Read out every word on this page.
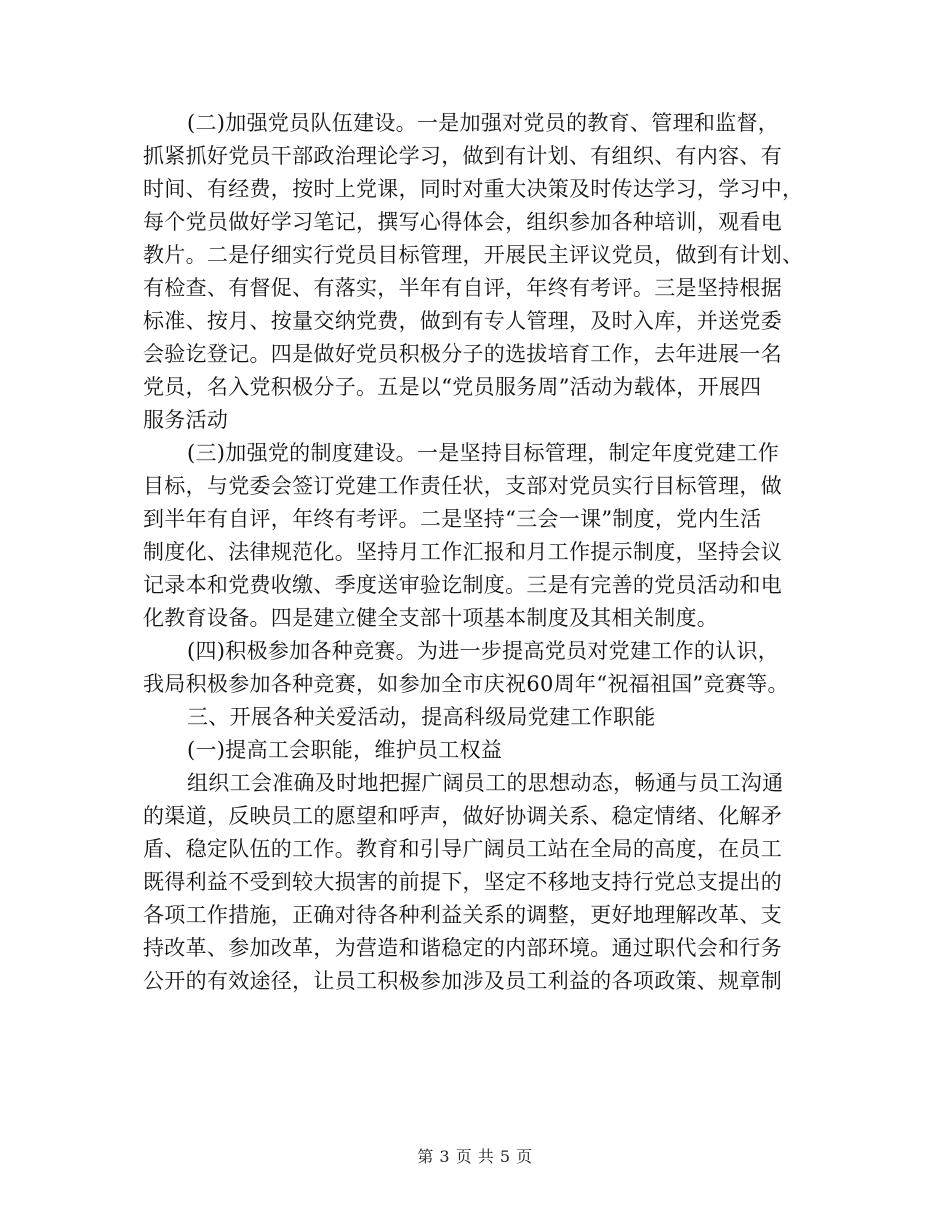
(二)加强党员队伍建设。一是加强对党员的教育、管理和监督，
抓紧抓好党员干部政治理论学习，做到有计划、有组织、有内容、有
时间、有经费，按时上党课，同时对重大决策及时传达学习，学习中，
每个党员做好学习笔记，撰写心得体会，组织参加各种培训，观看电
教片。二是仔细实行党员目标管理，开展民主评议党员，做到有计划、
有检查、有督促、有落实，半年有自评，年终有考评。三是坚持根据
标准、按月、按量交纳党费，做到有专人管理，及时入库，并送党委
会验讫登记。四是做好党员积极分子的选拔培育工作，去年进展一名
党员，名入党积极分子。五是以“党员服务周”活动为载体，开展四
服务活动
(三)加强党的制度建设。一是坚持目标管理，制定年度党建工作
目标，与党委会签订党建工作责任状，支部对党员实行目标管理，做
到半年有自评，年终有考评。二是坚持“三会一课”制度，党内生活
制度化、法律规范化。坚持月工作汇报和月工作提示制度，坚持会议
记录本和党费收缴、季度送审验讫制度。三是有完善的党员活动和电
化教育设备。四是建立健全支部十项基本制度及其相关制度。
(四)积极参加各种竞赛。为进一步提高党员对党建工作的认识，
我局积极参加各种竞赛，如参加全市庆祝60周年“祝福祖国”竞赛等。
三、开展各种关爱活动，提高科级局党建工作职能
(一)提高工会职能，维护员工权益
组织工会准确及时地把握广阔员工的思想动态，畅通与员工沟通
的渠道，反映员工的愿望和呼声，做好协调关系、稳定情绪、化解矛
盾、稳定队伍的工作。教育和引导广阔员工站在全局的高度，在员工
既得利益不受到较大损害的前提下，坚定不移地支持行党总支提出的
各项工作措施，正确对待各种利益关系的调整，更好地理解改革、支
持改革、参加改革，为营造和谐稳定的内部环境。通过职代会和行务
公开的有效途径，让员工积极参加涉及员工利益的各项政策、规章制
第 3 页 共 5 页
